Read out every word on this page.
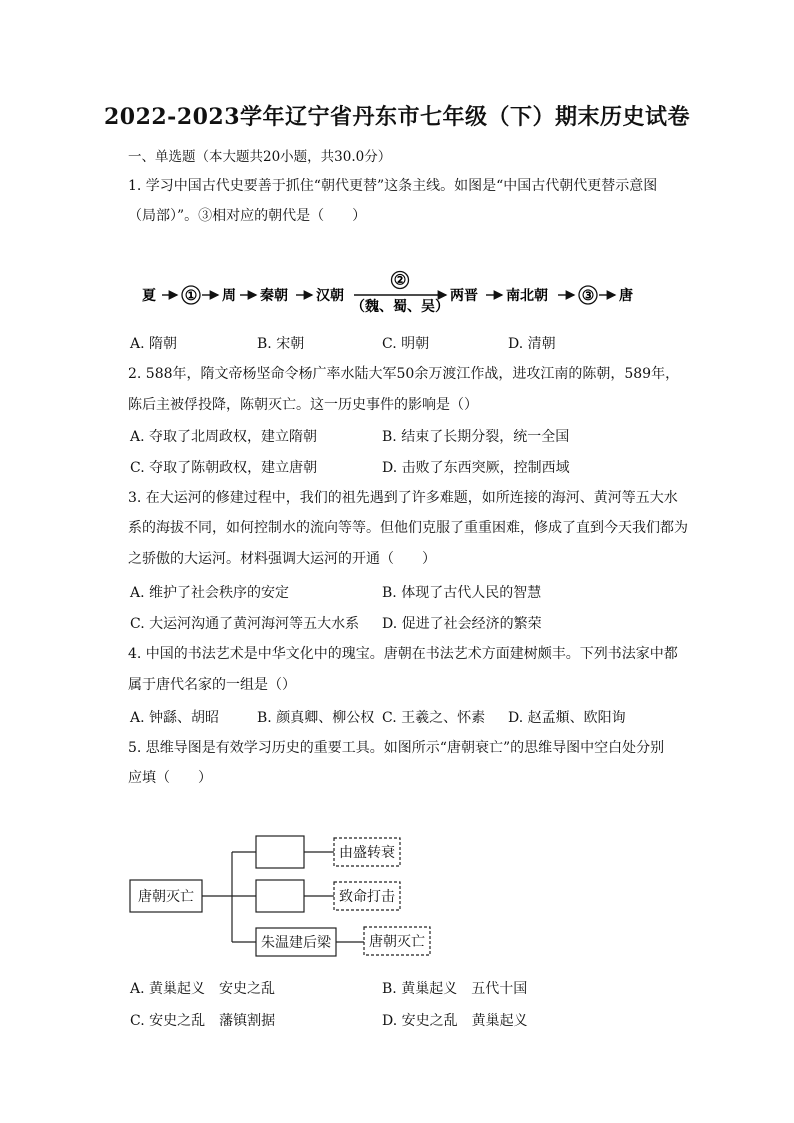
2022-2023学年辽宁省丹东市七年级（下）期末历史试卷
一、单选题（本大题共20小题，共30.0分）
1. 学习中国古代史要善于抓住“朝代更替”这条主线。如图是“中国古代朝代更替示意图
（局部）”。③相对应的朝代是（　　）
夏 ① 周 秦朝 汉朝
②
（魏、蜀、吴）
两晋 南北朝 ③ 唐
A. 隋朝	B. 宋朝	C. 明朝	D. 清朝
2. 588年，隋文帝杨坚命令杨广率水陆大军50余万渡江作战，进攻江南的陈朝，589年，
陈后主被俘投降，陈朝灭亡。这一历史事件的影响是（）
A. 夺取了北周政权，建立隋朝	B. 结束了长期分裂，统一全国
C. 夺取了陈朝政权，建立唐朝	D. 击败了东西突厥，控制西域
3. 在大运河的修建过程中，我们的祖先遇到了许多难题，如所连接的海河、黄河等五大水
系的海拔不同，如何控制水的流向等等。但他们克服了重重困难，修成了直到今天我们都为
之骄傲的大运河。材料强调大运河的开通（　　）
A. 维护了社会秩序的安定	B. 体现了古代人民的智慧
C. 大运河沟通了黄河海河等五大水系 D. 促进了社会经济的繁荣
4. 中国的书法艺术是中华文化中的瑰宝。唐朝在书法艺术方面建树颇丰。下列书法家中都
属于唐代名家的一组是（）
A. 钟繇、胡昭	B. 颜真卿、柳公权 C. 王羲之、怀素 D. 赵孟頫、欧阳询
5. 思维导图是有效学习历史的重要工具。如图所示“唐朝衰亡”的思维导图中空白处分别
应填（　　）
唐朝灭亡
朱温建后梁
由盛转衰
致命打击
唐朝灭亡
A. 黄巢起义　安史之乱	B. 黄巢起义　五代十国
C. 安史之乱　藩镇割据	D. 安史之乱　黄巢起义
